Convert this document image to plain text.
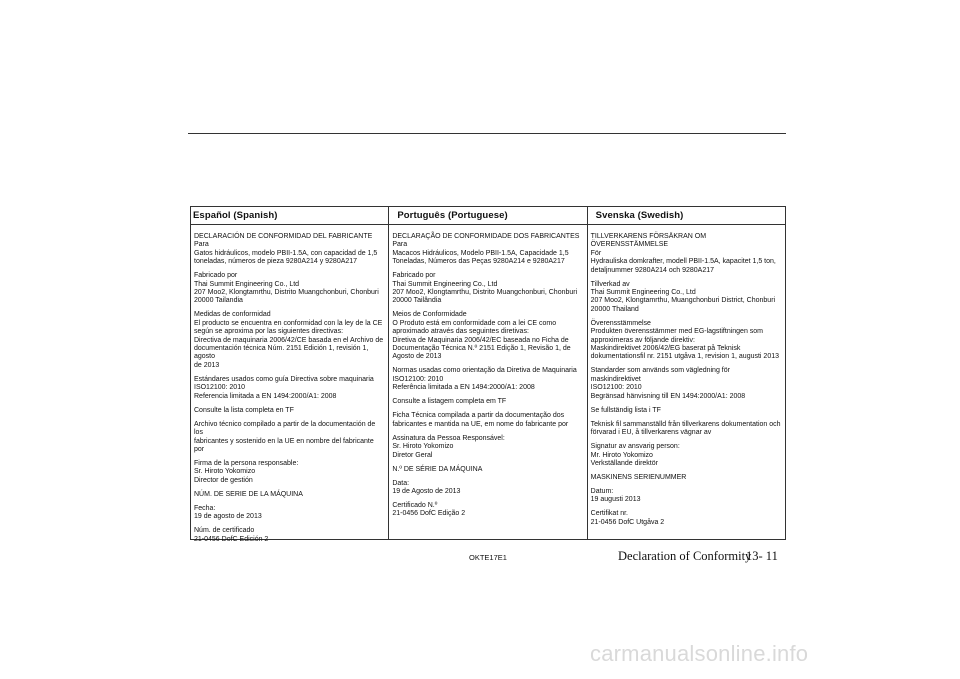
Español (Spanish)
DECLARACIÓN DE CONFORMIDAD DEL FABRICANTE
Para
Gatos hidráulicos, modelo PBII-1.5A, con capacidad de 1,5
toneladas, números de pieza 9280A214 y 9280A217
Fabricado por
Thai Summit Engineering Co., Ltd
207 Moo2, Klongtamrthu, Distrito Muangchonburi, Chonburi
20000 Tailandia
Medidas de conformidad
El producto se encuentra en conformidad con la ley de la CE
según se aproxima por las siguientes directivas:
Directiva de maquinaria 2006/42/CE basada en el Archivo de
documentación técnica Núm. 2151 Edición 1, revisión 1, agosto
de 2013
Estándares usados como guía Directiva sobre maquinaria
ISO12100: 2010
Referencia limitada a EN 1494:2000/A1: 2008
Consulte la lista completa en TF
Archivo técnico compilado a partir de la documentación de los
fabricantes y sostenido en la UE en nombre del fabricante por
Firma de la persona responsable:
Sr. Hiroto Yokomizo
Director de gestión
NÚM. DE SERIE DE LA MÁQUINA
Fecha:
19 de agosto de 2013
Núm. de certificado
21-0456 DofC Edición 2
Português (Portuguese)
DECLARAÇÃO DE CONFORMIDADE DOS FABRICANTES
Para
Macacos Hidráulicos, Modelo PBII-1.5A, Capacidade 1,5
Toneladas, Números das Peças 9280A214 e 9280A217
Fabricado por
Thai Summit Engineering Co., Ltd
207 Moo2, Klongtamrthu, Distrito Muangchonburi, Chonburi
20000 Tailândia
Meios de Conformidade
O Produto está em conformidade com a lei CE como
aproximado através das seguintes diretivas:
Diretiva de Maquinaria 2006/42/EC baseada no Ficha de
Documentação Técnica N.º 2151 Edição 1, Revisão 1, de
Agosto de 2013
Normas usadas como orientação da Diretiva de Maquinaria
ISO12100: 2010
Referência limitada a EN 1494:2000/A1: 2008
Consulte a listagem completa em TF
Ficha Técnica compilada a partir da documentação dos
fabricantes e mantida na UE, em nome do fabricante por
Assinatura da Pessoa Responsável:
Sr. Hiroto Yokomizo
Diretor Geral
N.º DE SÉRIE DA MÁQUINA
Data:
19 de Agosto de 2013
Certificado N.º
21-0456 DofC Edição 2
Svenska (Swedish)
TILLVERKARENS FÖRSÄKRAN OM ÖVERENSSTÄMMELSE
För
Hydrauliska domkrafter, modell PBII-1.5A, kapacitet 1,5 ton,
detaljnummer 9280A214 och 9280A217
Tillverkad av
Thai Summit Engineering Co., Ltd
207 Moo2, Klongtamrthu, Muangchonburi District, Chonburi
20000 Thailand
Överensstämmelse
Produkten överensstämmer med EG-lagstiftningen som
approximeras av följande direktiv:
Maskindirektivet 2006/42/EG baserat på Teknisk
dokumentationsfil nr. 2151 utgåva 1, revision 1, augusti 2013
Standarder som används som vägledning för maskindirektivet
ISO12100: 2010
Begränsad hänvisning till EN 1494:2000/A1: 2008
Se fullständig lista i TF
Teknisk fil sammanställd från tillverkarens dokumentation och
förvarad i EU, å tillverkarens vägnar av
Signatur av ansvarig person:
Mr. Hiroto Yokomizo
Verkställande direktör
MASKINENS SERIENUMMER
Datum:
19 augusti 2013
Certifikat nr.
21-0456 DofC Utgåva 2
OKTE17E1	Declaration of Conformity
13- 11
carmanualsonline.info
